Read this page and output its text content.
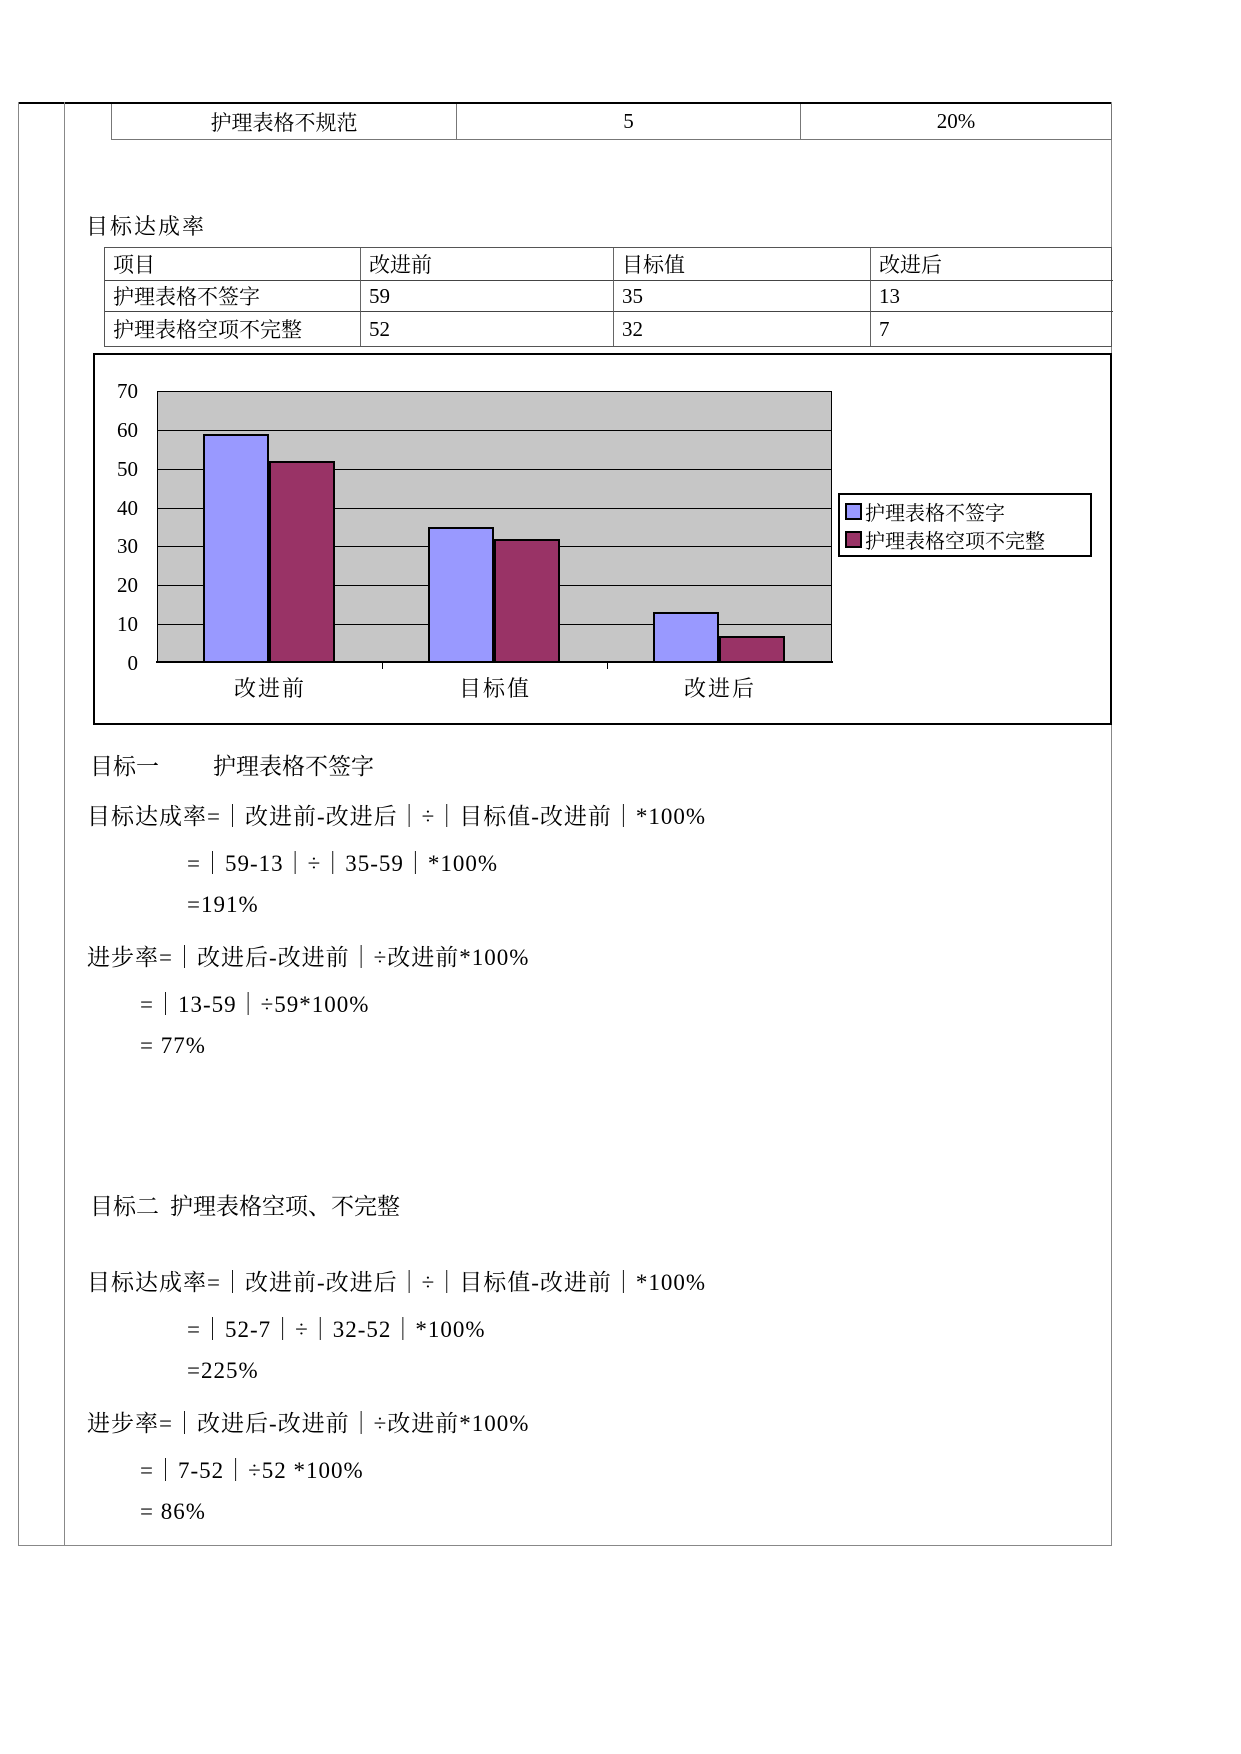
护理表格不规范	5	20%
目标达成率
项目	改进前	目标值	改进后
护理表格不签字	59	35	13
护理表格空项不完整	52	32	7
0
10
20
30
40
50
60
70
改进前	目标值	改进后
护理表格不签字
护理表格空项不完整
目标一 护理表格不签字
目标达成率=｜改进前-改进后｜÷｜目标值-改进前｜*100%
=｜59-13｜÷｜35-59｜*100%
=191%
进步率=｜改进后-改进前｜÷改进前*100%
=｜13-59｜÷59*100%
= 77%
目标二 护理表格空项、不完整
目标达成率=｜改进前-改进后｜÷｜目标值-改进前｜*100%
=｜52-7｜÷｜32-52｜*100%
=225%
进步率=｜改进后-改进前｜÷改进前*100%
=｜7-52｜÷52 *100%
= 86%
